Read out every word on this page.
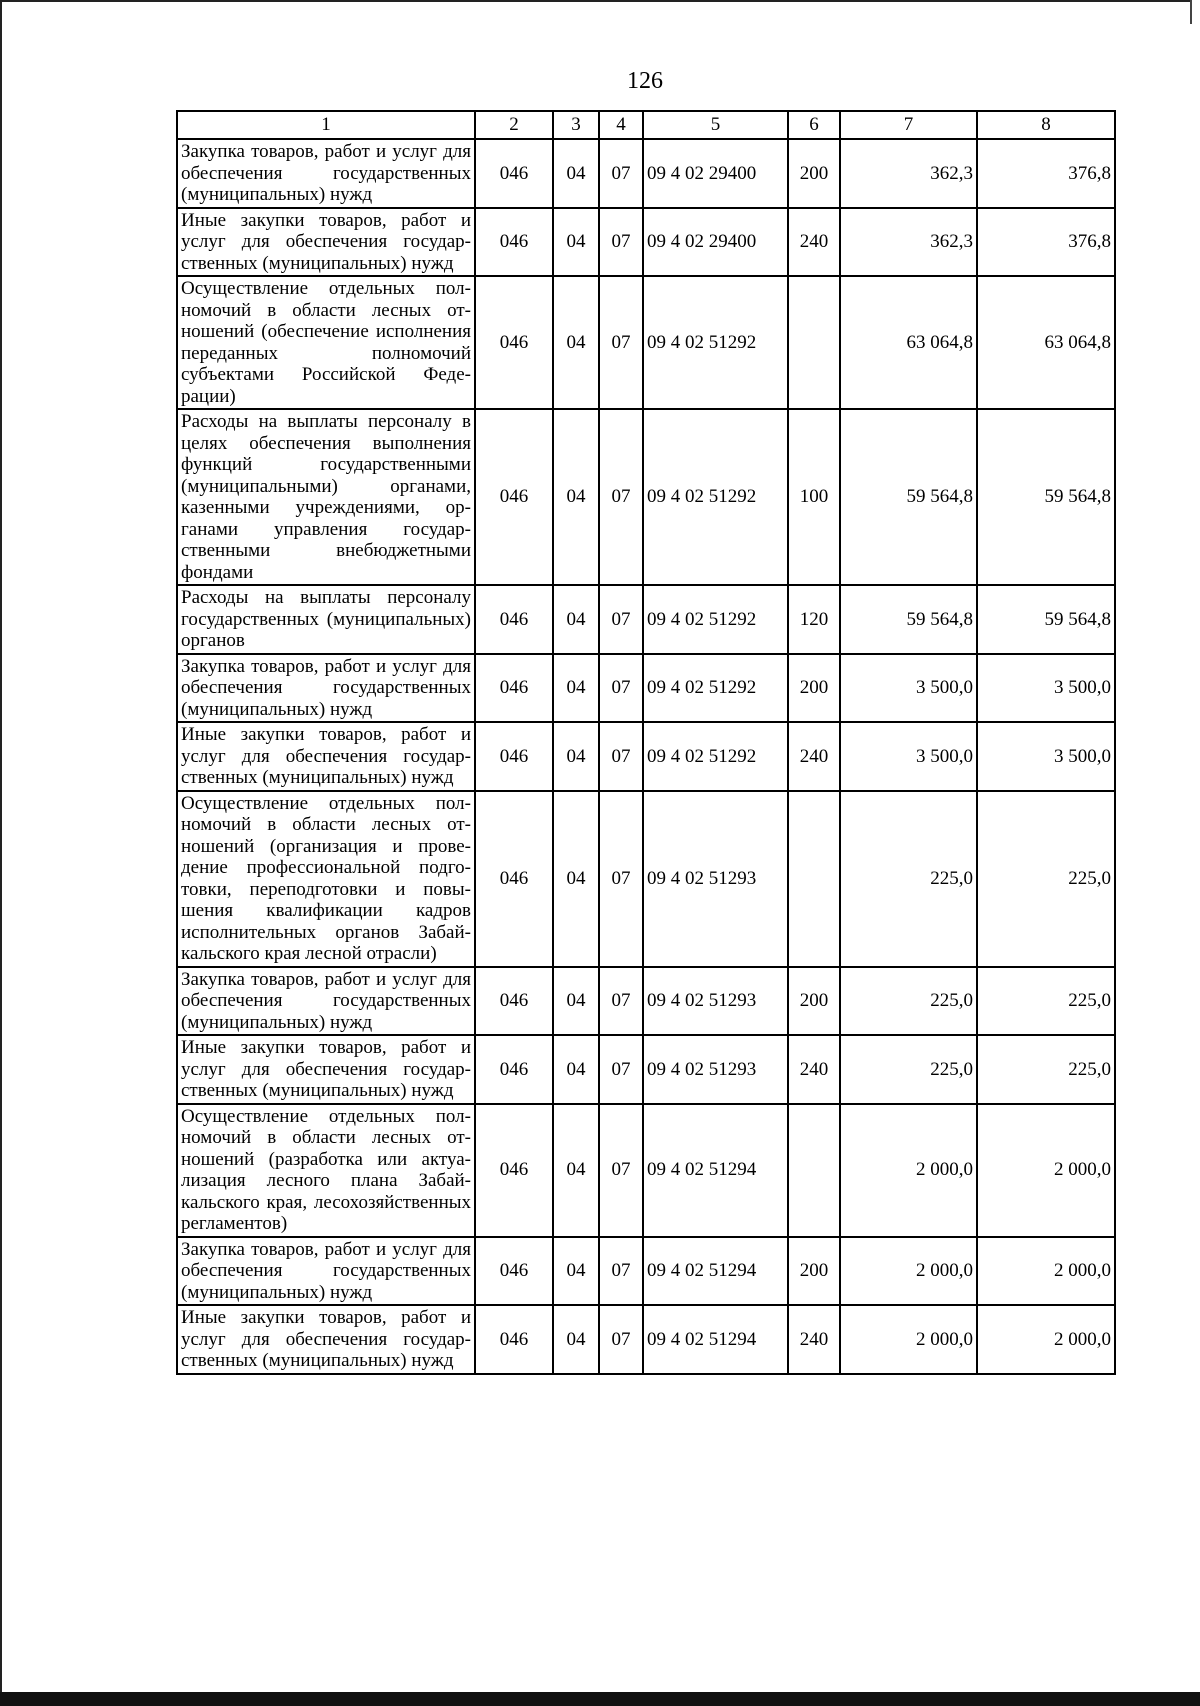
126
1	2	3	4	5	6	7	8
Закупка товаров, работ и услуг для обеспечения государственных (муниципальных) нужд	046	04	07	09 4 02 29400	200	362,3	376,8
Иные закупки товаров, работ и услуг для обеспечения государственных (муниципальных) нужд	046	04	07	09 4 02 29400	240	362,3	376,8
Осуществление отдельных полномочий в области лесных отношений (обеспечение исполнения переданных полномочий субъектами Российской Федерации)	046	04	07	09 4 02 51292		63 064,8	63 064,8
Расходы на выплаты персоналу в целях обеспечения выполнения функций государственными (муниципальными) органами, казенными учреждениями, органами управления государственными внебюджетными фондами	046	04	07	09 4 02 51292	100	59 564,8	59 564,8
Расходы на выплаты персоналу государственных (муниципальных) органов	046	04	07	09 4 02 51292	120	59 564,8	59 564,8
Закупка товаров, работ и услуг для обеспечения государственных (муниципальных) нужд	046	04	07	09 4 02 51292	200	3 500,0	3 500,0
Иные закупки товаров, работ и услуг для обеспечения государственных (муниципальных) нужд	046	04	07	09 4 02 51292	240	3 500,0	3 500,0
Осуществление отдельных полномочий в области лесных отношений (организация и проведение профессиональной подготовки, переподготовки и повышения квалификации кадров исполнительных органов Забайкальского края лесной отрасли)	046	04	07	09 4 02 51293		225,0	225,0
Закупка товаров, работ и услуг для обеспечения государственных (муниципальных) нужд	046	04	07	09 4 02 51293	200	225,0	225,0
Иные закупки товаров, работ и услуг для обеспечения государственных (муниципальных) нужд	046	04	07	09 4 02 51293	240	225,0	225,0
Осуществление отдельных полномочий в области лесных отношений (разработка или актуализация лесного плана Забайкальского края, лесохозяйственных регламентов)	046	04	07	09 4 02 51294		2 000,0	2 000,0
Закупка товаров, работ и услуг для обеспечения государственных (муниципальных) нужд	046	04	07	09 4 02 51294	200	2 000,0	2 000,0
Иные закупки товаров, работ и услуг для обеспечения государственных (муниципальных) нужд	046	04	07	09 4 02 51294	240	2 000,0	2 000,0
